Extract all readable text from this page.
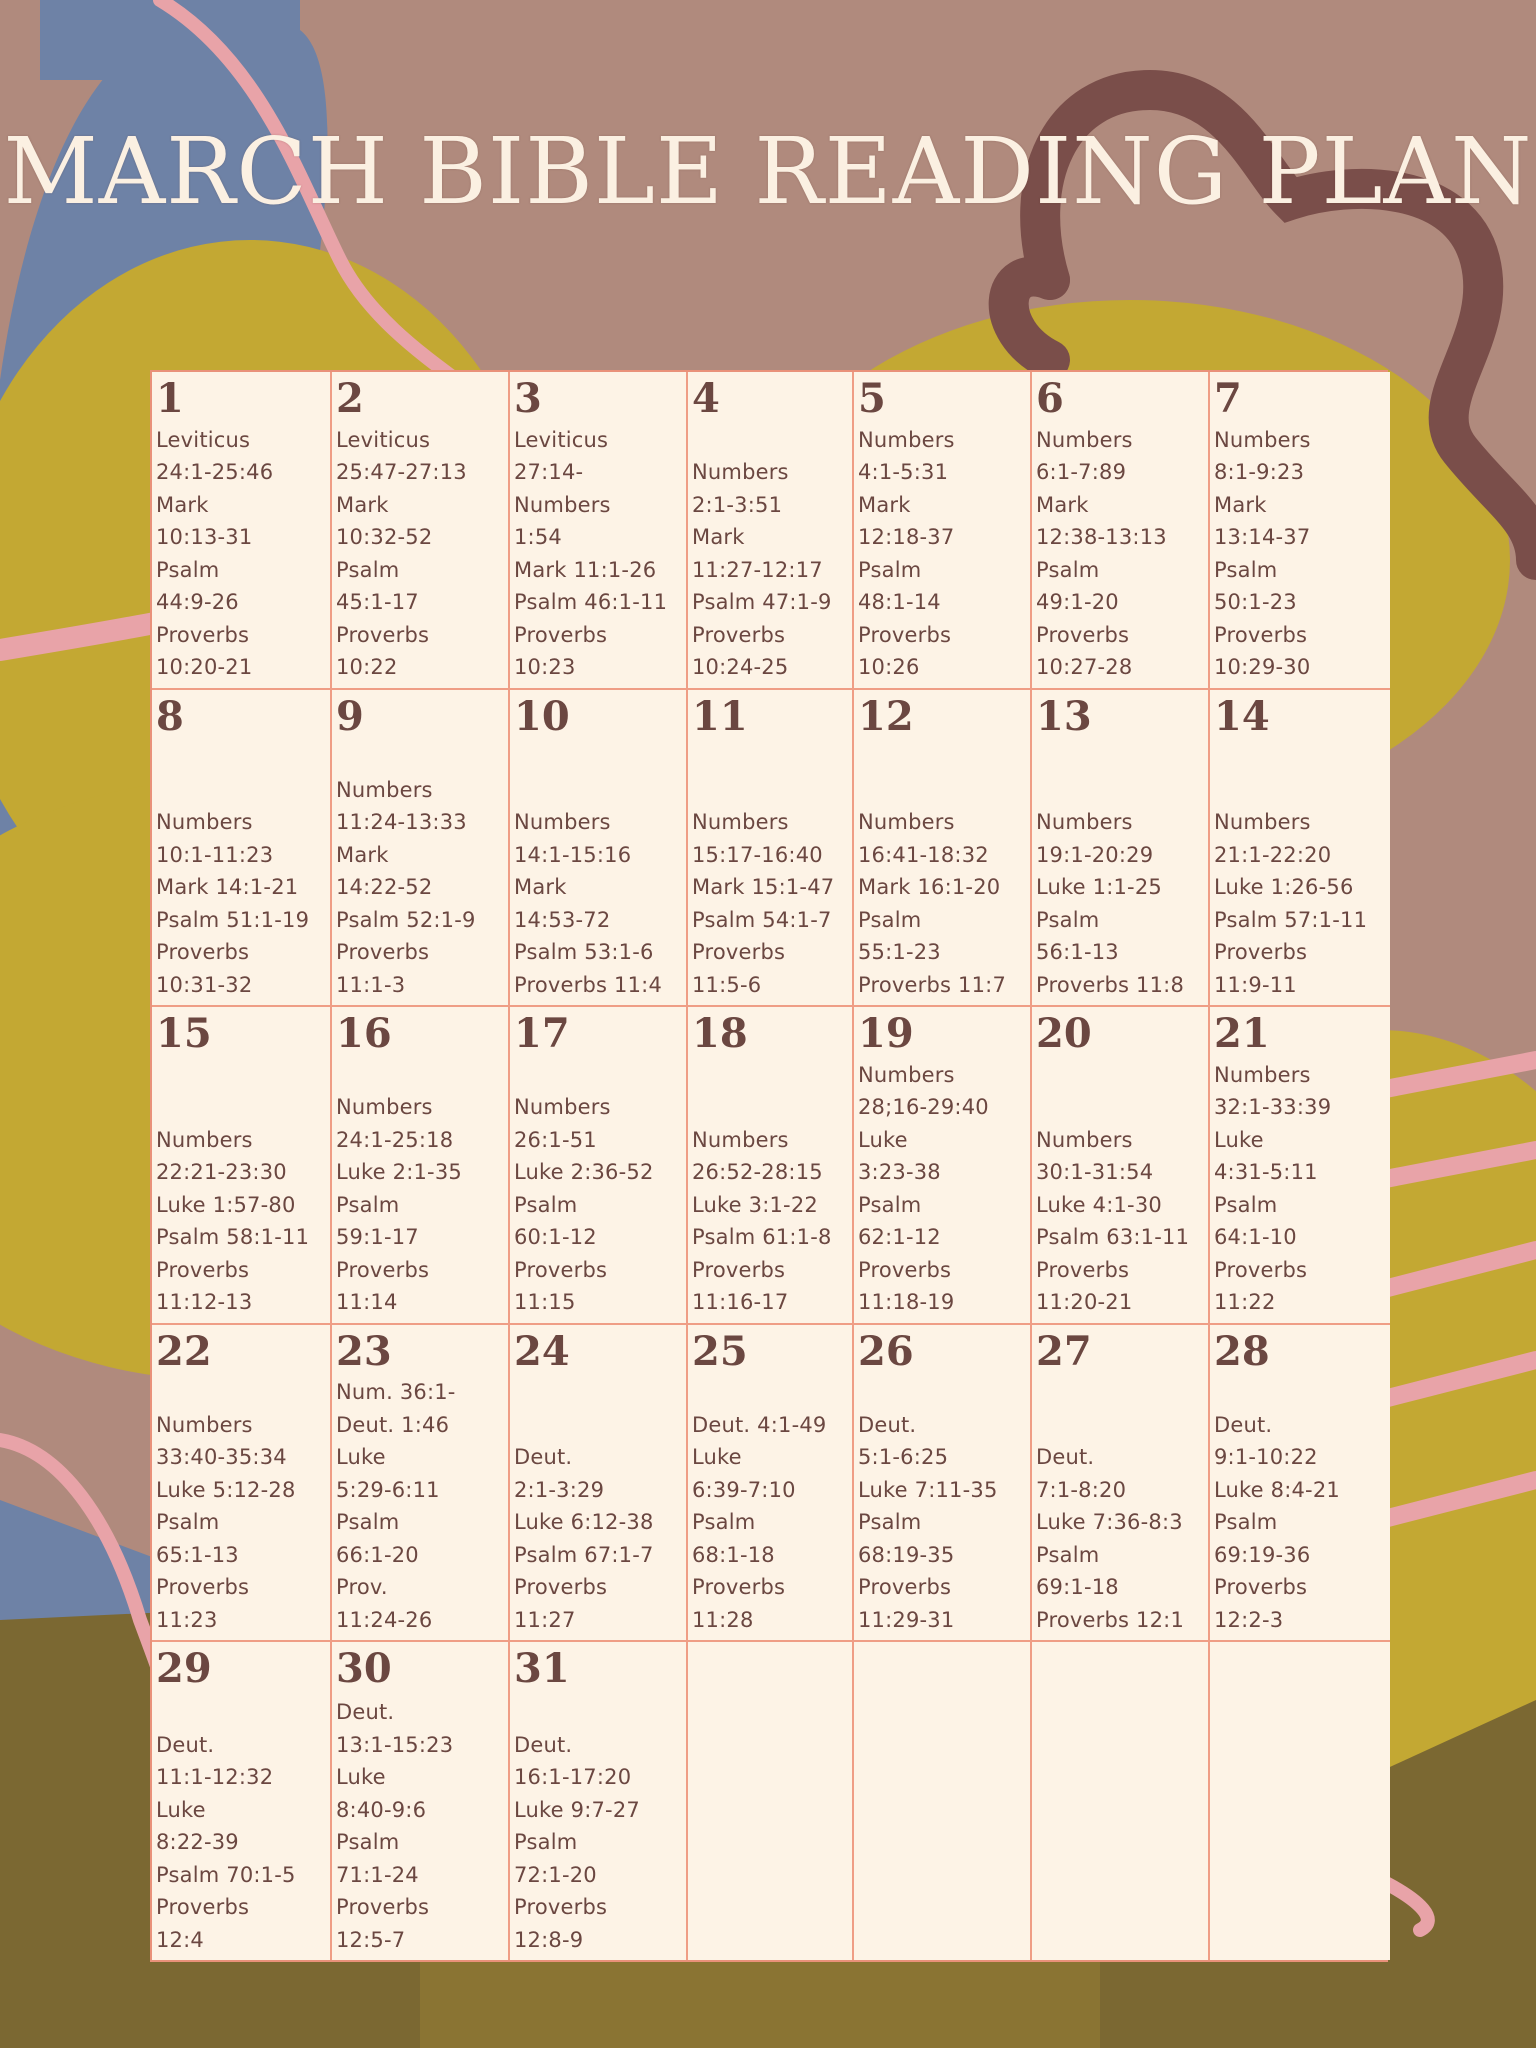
MARCH BIBLE READING PLAN
1
Leviticus
24:1-25:46
Mark
10:13-31
Psalm
44:9-26
Proverbs
10:20-21
2
Leviticus
25:47-27:13
Mark
10:32-52
Psalm
45:1-17
Proverbs
10:22
3
Leviticus
27:14-
Numbers
1:54
Mark 11:1-26
Psalm 46:1-11
Proverbs
10:23
4
Numbers
2:1-3:51
Mark
11:27-12:17
Psalm 47:1-9
Proverbs
10:24-25
5
Numbers
4:1-5:31
Mark
12:18-37
Psalm
48:1-14
Proverbs
10:26
6
Numbers
6:1-7:89
Mark
12:38-13:13
Psalm
49:1-20
Proverbs
10:27-28
7
Numbers
8:1-9:23
Mark
13:14-37
Psalm
50:1-23
Proverbs
10:29-30
8
Numbers
10:1-11:23
Mark 14:1-21
Psalm 51:1-19
Proverbs
10:31-32
9
Numbers
11:24-13:33
Mark
14:22-52
Psalm 52:1-9
Proverbs
11:1-3
10
Numbers
14:1-15:16
Mark
14:53-72
Psalm 53:1-6
Proverbs 11:4
11
Numbers
15:17-16:40
Mark 15:1-47
Psalm 54:1-7
Proverbs
11:5-6
12
Numbers
16:41-18:32
Mark 16:1-20
Psalm
55:1-23
Proverbs 11:7
13
Numbers
19:1-20:29
Luke 1:1-25
Psalm
56:1-13
Proverbs 11:8
14
Numbers
21:1-22:20
Luke 1:26-56
Psalm 57:1-11
Proverbs
11:9-11
15
Numbers
22:21-23:30
Luke 1:57-80
Psalm 58:1-11
Proverbs
11:12-13
16
Numbers
24:1-25:18
Luke 2:1-35
Psalm
59:1-17
Proverbs
11:14
17
Numbers
26:1-51
Luke 2:36-52
Psalm
60:1-12
Proverbs
11:15
18
Numbers
26:52-28:15
Luke 3:1-22
Psalm 61:1-8
Proverbs
11:16-17
19
Numbers
28;16-29:40
Luke
3:23-38
Psalm
62:1-12
Proverbs
11:18-19
20
Numbers
30:1-31:54
Luke 4:1-30
Psalm 63:1-11
Proverbs
11:20-21
21
Numbers
32:1-33:39
Luke
4:31-5:11
Psalm
64:1-10
Proverbs
11:22
22
Numbers
33:40-35:34
Luke 5:12-28
Psalm
65:1-13
Proverbs
11:23
23
Num. 36:1-
Deut. 1:46
Luke
5:29-6:11
Psalm
66:1-20
Prov.
11:24-26
24
Deut.
2:1-3:29
Luke 6:12-38
Psalm 67:1-7
Proverbs
11:27
25
Deut. 4:1-49
Luke
6:39-7:10
Psalm
68:1-18
Proverbs
11:28
26
Deut.
5:1-6:25
Luke 7:11-35
Psalm
68:19-35
Proverbs
11:29-31
27
Deut.
7:1-8:20
Luke 7:36-8:3
Psalm
69:1-18
Proverbs 12:1
28
Deut.
9:1-10:22
Luke 8:4-21
Psalm
69:19-36
Proverbs
12:2-3
29
Deut.
11:1-12:32
Luke
8:22-39
Psalm 70:1-5
Proverbs
12:4
30
Deut.
13:1-15:23
Luke
8:40-9:6
Psalm
71:1-24
Proverbs
12:5-7
31
Deut.
16:1-17:20
Luke 9:7-27
Psalm
72:1-20
Proverbs
12:8-9
